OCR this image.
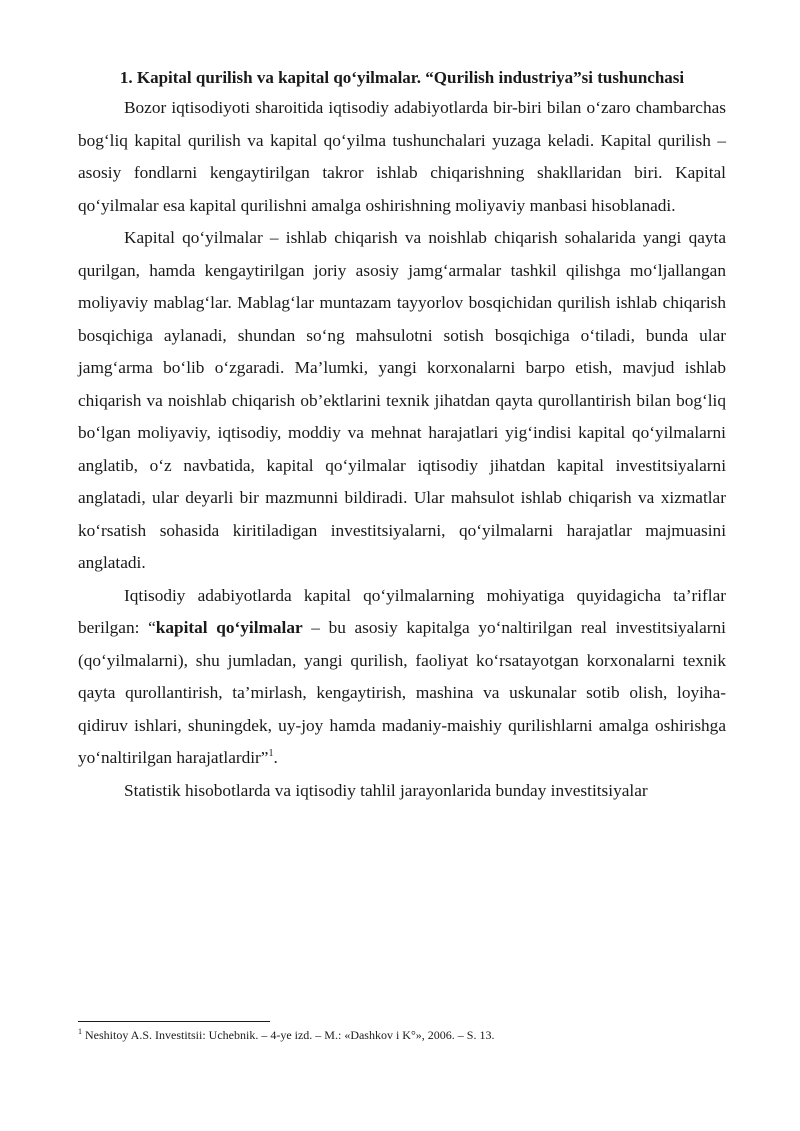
1. Kapital qurilish va kapital qo‘yilmalar. “Qurilish industriya”si tushunchasi

Bozor iqtisodiyoti sharoitida iqtisodiy adabiyotlarda bir-biri bilan o‘zaro chambarchas bog‘liq kapital qurilish va kapital qo‘yilma tushunchalari yuzaga keladi. Kapital qurilish – asosiy fondlarni kengaytirilgan takror ishlab chiqarishning shakllaridan biri. Kapital qo‘yilmalar esa kapital qurilishni amalga oshirishning moliyaviy manbasi hisoblanadi.

Kapital qo‘yilmalar – ishlab chiqarish va noishlab chiqarish sohalarida yangi qayta qurilgan, hamda kengaytirilgan joriy asosiy jamg‘armalar tashkil qilishga mo‘ljallangan moliyaviy mablag‘lar. Mablag‘lar muntazam tayyorlov bosqichidan qurilish ishlab chiqarish bosqichiga aylanadi, shundan so‘ng mahsulotni sotish bosqichiga o‘tiladi, bunda ular jamg‘arma bo‘lib o‘zgaradi. Ma’lumki, yangi korxonalarni barpo etish, mavjud ishlab chiqarish va noishlab chiqarish ob’ektlarini texnik jihatdan qayta qurollantirish bilan bog‘liq bo‘lgan moliyaviy, iqtisodiy, moddiy va mehnat harajatlari yig‘indisi kapital qo‘yilmalarni anglatib, o‘z navbatida, kapital qo‘yilmalar iqtisodiy jihatdan kapital investitsiyalarni anglatadi, ular deyarli bir mazmunni bildiradi. Ular mahsulot ishlab chiqarish va xizmatlar ko‘rsatish sohasida kiritiladigan investitsiyalarni, qo‘yilmalarni harajatlar majmuasini anglatadi.

Iqtisodiy adabiyotlarda kapital qo‘yilmalarning mohiyatiga quyidagicha ta’riflar berilgan: “kapital qo‘yilmalar – bu asosiy kapitalga yo‘naltirilgan real investitsiyalarni (qo‘yilmalarni), shu jumladan, yangi qurilish, faoliyat ko‘rsatayotgan korxonalarni texnik qayta qurollantirish, ta’mirlash, kengaytirish, mashina va uskunalar sotib olish, loyiha-qidiruv ishlari, shuningdek, uy-joy hamda madaniy-maishiy qurilishlarni amalga oshirishga yo‘naltirilgan harajatlardir”$^1$.

Statistik hisobotlarda va iqtisodiy tahlil jarayonlarida bunday investitsiyalar

$^1$ Neshitoy A.S. Investitsii: Uchebnik. – 4-ye izd. – M.: «Dashkov i K°», 2006. – S. 13.
